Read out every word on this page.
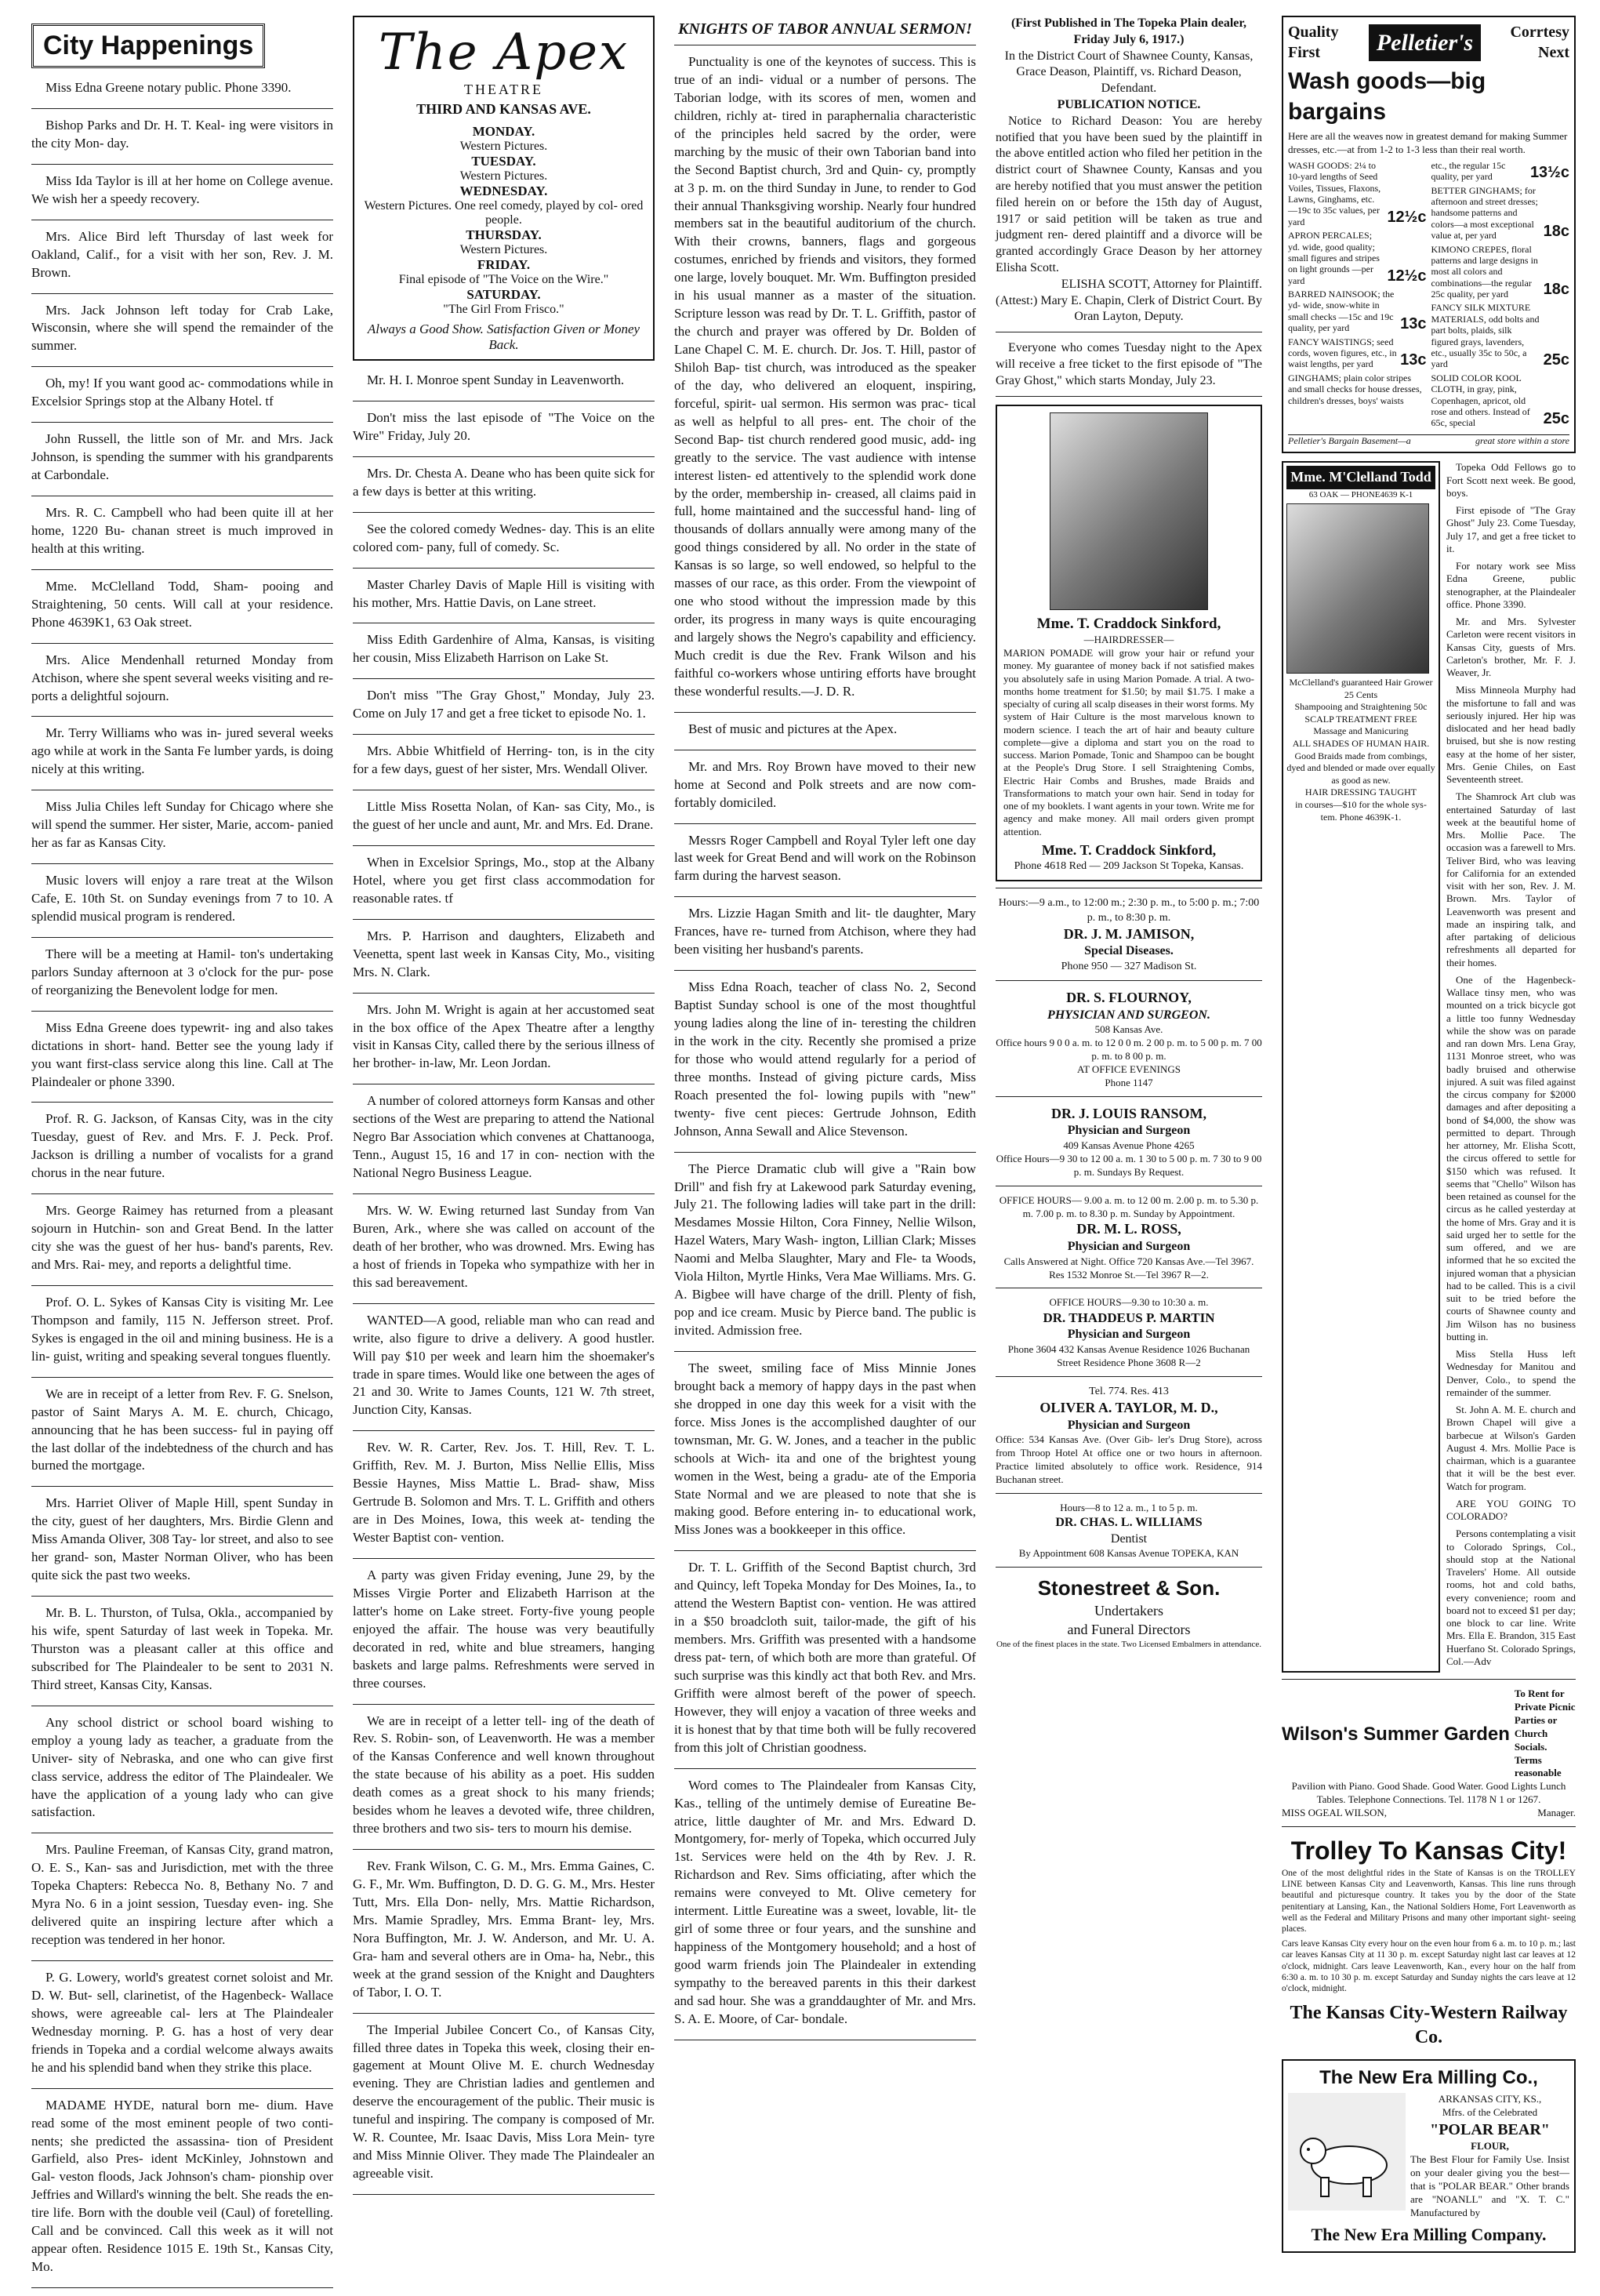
City Happenings

Miss Edna Greene notary public. Phone 3390.

Bishop Parks and Dr. H. T. Keal- ing were visitors in the city Mon- day.

Miss Ida Taylor is ill at her home on College avenue. We wish her a speedy recovery.

Mrs. Alice Bird left Thursday of last week for Oakland, Calif., for a visit with her son, Rev. J. M. Brown.

Mrs. Jack Johnson left today for Crab Lake, Wisconsin, where she will spend the remainder of the summer.

Oh, my! If you want good ac- commodations while in Excelsior Springs stop at the Albany Hotel. tf

John Russell, the little son of Mr. and Mrs. Jack Johnson, is spending the summer with his grandparents at Carbondale.

Mrs. R. C. Campbell who had been quite ill at her home, 1220 Bu- chanan street is much improved in health at this writing.

Mme. McClelland Todd, Sham- pooing and Straightening, 50 cents. Will call at your residence. Phone 4639K1, 63 Oak street.

Mrs. Alice Mendenhall returned Monday from Atchison, where she spent several weeks visiting and re- ports a delightful sojourn.

Mr. Terry Williams who was in- jured several weeks ago while at work in the Santa Fe lumber yards, is doing nicely at this writing.

Miss Julia Chiles left Sunday for Chicago where she will spend the summer. Her sister, Marie, accom- panied her as far as Kansas City.

Music lovers will enjoy a rare treat at the Wilson Cafe, E. 10th St. on Sunday evenings from 7 to 10. A splendid musical program is rendered.

There will be a meeting at Hamil- ton's undertaking parlors Sunday afternoon at 3 o'clock for the pur- pose of reorganizing the Benevolent lodge for men.

Miss Edna Greene does typewrit- ing and also takes dictations in short- hand. Better see the young lady if you want first-class service along this line. Call at The Plaindealer or phone 3390.

Prof. R. G. Jackson, of Kansas City, was in the city Tuesday, guest of Rev. and Mrs. F. J. Peck. Prof. Jackson is drilling a number of vocalists for a grand chorus in the near future.

Mrs. George Raimey has returned from a pleasant sojourn in Hutchin- son and Great Bend. In the latter city she was the guest of her hus- band's parents, Rev. and Mrs. Rai- mey, and reports a delightful time.

Prof. O. L. Sykes of Kansas City is visiting Mr. Lee Thompson and family, 115 N. Jefferson street. Prof. Sykes is engaged in the oil and mining business. He is a lin- guist, writing and speaking several tongues fluently.

We are in receipt of a letter from Rev. F. G. Snelson, pastor of Saint Marys A. M. E. church, Chicago, announcing that he has been success- ful in paying off the last dollar of the indebtedness of the church and has burned the mortgage.

Mrs. Harriet Oliver of Maple Hill, spent Sunday in the city, guest of her daughters, Mrs. Birdie Glenn and Miss Amanda Oliver, 308 Tay- lor street, and also to see her grand- son, Master Norman Oliver, who has been quite sick the past two weeks.

Mr. B. L. Thurston, of Tulsa, Okla., accompanied by his wife, spent Saturday of last week in Topeka. Mr. Thurston was a pleasant caller at this office and subscribed for The Plaindealer to be sent to 2031 N. Third street, Kansas City, Kansas.

Any school district or school board wishing to employ a young lady as teacher, a graduate from the Univer- sity of Nebraska, and one who can give first class service, address the editor of The Plaindealer. We have the application of a young lady who can give satisfaction.

Mrs. Pauline Freeman, of Kansas City, grand matron, O. E. S., Kan- sas and Jurisdiction, met with the three Topeka Chapters: Rebecca No. 8, Bethany No. 7 and Myra No. 6 in a joint session, Tuesday even- ing. She delivered quite an inspiring lecture after which a reception was tendered in her honor.

P. G. Lowery, world's greatest cornet soloist and Mr. D. W. But- sell, clarinetist, of the Hagenbeck- Wallace shows, were agreeable cal- lers at The Plaindealer Wednesday morning. P. G. has a host of very dear friends in Topeka and a cordial welcome always awaits he and his splendid band when they strike this place.

MADAME HYDE, natural born me- dium. Have read some of the most eminent people of two conti- nents; she predicted the assassina- tion of President Garfield, also Pres- ident McKinley, Johnstown and Gal- veston floods, Jack Johnson's cham- pionship over Jeffries and Willard's winning the belt. She reads the en- tire life. Born with the double veil (Caul) of foretelling. Call and be convinced. Call this week as it will not appear often. Residence 1015 E. 19th St., Kansas City, Mo.

The Apex
THEATRE
THIRD AND KANSAS AVE.
MONDAY.
Western Pictures.
TUESDAY.
Western Pictures.
WEDNESDAY.
Western Pictures. One reel comedy, played by col- ored people.
THURSDAY.
Western Pictures.
FRIDAY.
Final episode of "The Voice on the Wire."
SATURDAY.
"The Girl From Frisco."
Always a Good Show. Satisfaction Given or Money Back.

Mr. H. I. Monroe spent Sunday in Leavenworth.

Don't miss the last episode of "The Voice on the Wire" Friday, July 20.

Mrs. Dr. Chesta A. Deane who has been quite sick for a few days is better at this writing.

See the colored comedy Wednes- day. This is an elite colored com- pany, full of comedy. Sc.

Master Charley Davis of Maple Hill is visiting with his mother, Mrs. Hattie Davis, on Lane street.

Miss Edith Gardenhire of Alma, Kansas, is visiting her cousin, Miss Elizabeth Harrison on Lake St.

Don't miss "The Gray Ghost," Monday, July 23. Come on July 17 and get a free ticket to episode No. 1.

Mrs. Abbie Whitfield of Herring- ton, is in the city for a few days, guest of her sister, Mrs. Wendall Oliver.

Little Miss Rosetta Nolan, of Kan- sas City, Mo., is the guest of her uncle and aunt, Mr. and Mrs. Ed. Drane.

When in Excelsior Springs, Mo., stop at the Albany Hotel, where you get first class accommodation for reasonable rates. tf

Mrs. P. Harrison and daughters, Elizabeth and Veenetta, spent last week in Kansas City, Mo., visiting Mrs. N. Clark.

Mrs. John M. Wright is again at her accustomed seat in the box office of the Apex Theatre after a lengthy visit in Kansas City, called there by the serious illness of her brother- in-law, Mr. Leon Jordan.

A number of colored attorneys form Kansas and other sections of the West are preparing to attend the National Negro Bar Association which convenes at Chattanooga, Tenn., August 15, 16 and 17 in con- nection with the National Negro Business League.

Mrs. W. W. Ewing returned last Sunday from Van Buren, Ark., where she was called on account of the death of her brother, who was drowned. Mrs. Ewing has a host of friends in Topeka who sympathize with her in this sad bereavement.

WANTED—A good, reliable man who can read and write, also figure to drive a delivery. A good hustler. Will pay $10 per week and learn him the shoemaker's trade in spare times. Would like one between the ages of 21 and 30. Write to James Counts, 121 W. 7th street, Junction City, Kansas.

Rev. W. R. Carter, Rev. Jos. T. Hill, Rev. T. L. Griffith, Rev. M. J. Burton, Miss Nellie Ellis, Miss Bessie Haynes, Miss Mattie L. Brad- shaw, Miss Gertrude B. Solomon and Mrs. T. L. Griffith and others are in Des Moines, Iowa, this week at- tending the Wester Baptist con- vention.

A party was given Friday evening, June 29, by the Misses Virgie Porter and Elizabeth Harrison at the latter's home on Lake street. Forty-five young people enjoyed the affair. The house was very beautifully decorated in red, white and blue streamers, hanging baskets and large palms. Refreshments were served in three courses.

We are in receipt of a letter tell- ing of the death of Rev. S. Robin- son, of Leavenworth. He was a member of the Kansas Conference and well known throughout the state because of his ability as a poet. His sudden death comes as a great shock to his many friends; besides whom he leaves a devoted wife, three children, three brothers and two sis- ters to mourn his demise.

Rev. Frank Wilson, C. G. M., Mrs. Emma Gaines, C. G. F., Mr. Wm. Buffington, D. D. G. G. M., Mrs. Hester Tutt, Mrs. Ella Don- nelly, Mrs. Mattie Richardson, Mrs. Mamie Spradley, Mrs. Emma Brant- ley, Mrs. Nora Buffington, Mr. J. W. Anderson, and Mr. U. A. Gra- ham and several others are in Oma- ha, Nebr., this week at the grand session of the Knight and Daughters of Tabor, I. O. T.

The Imperial Jubilee Concert Co., of Kansas City, filled three dates in Topeka this week, closing their en- gagement at Mount Olive M. E. church Wednesday evening. They are Christian ladies and gentlemen and deserve the encouragement of the public. Their music is tuneful and inspiring. The company is composed of Mr. W. R. Countee, Mr. Isaac Davis, Miss Lora Mein- tyre and Miss Minnie Oliver. They made The Plaindealer an agreeable visit.

KNIGHTS OF TABOR ANNUAL SERMON!

Punctuality is one of the keynotes of success. This is true of an indi- vidual or a number of persons. The Taborian lodge, with its scores of men, women and children, richly at- tired in paraphernalia characteristic of the principles held sacred by the order, were marching by the music of their own Taborian band into the Second Baptist church, 3rd and Quin- cy, promptly at 3 p. m. on the third Sunday in June, to render to God their annual Thanksgiving worship. Nearly four hundred members sat in the beautiful auditorium of the church. With their crowns, banners, flags and gorgeous costumes, enriched by friends and visitors, they formed one large, lovely bouquet. Mr. Wm. Buffington presided in his usual manner as a master of the situation. Scripture lesson was read by Dr. T. L. Griffith, pastor of the church and prayer was offered by Dr. Bolden of Lane Chapel C. M. E. church. Dr. Jos. T. Hill, pastor of Shiloh Bap- tist church, was introduced as the speaker of the day, who delivered an eloquent, inspiring, forceful, spirit- ual sermon. His sermon was prac- tical as well as helpful to all pres- ent. The choir of the Second Bap- tist church rendered good music, add- ing greatly to the service. The vast audience with intense interest listen- ed attentively to the splendid work done by the order, membership in- creased, all claims paid in full, home maintained and the successful hand- ling of thousands of dollars annually were among many of the good things considered by all. No order in the state of Kansas is so large, so well endowed, so helpful to the masses of our race, as this order. From the viewpoint of one who stood without the impression made by this order, its progress in many ways is quite encouraging and largely shows the Negro's capability and efficiency. Much credit is due the Rev. Frank Wilson and his faithful co-workers whose untiring efforts have brought these wonderful results.—J. D. R.

Best of music and pictures at the Apex.

Mr. and Mrs. Roy Brown have moved to their new home at Second and Polk streets and are now com- fortably domiciled.

Messrs Roger Campbell and Royal Tyler left one day last week for Great Bend and will work on the Robinson farm during the harvest season.

Mrs. Lizzie Hagan Smith and lit- tle daughter, Mary Frances, have re- turned from Atchison, where they had been visiting her husband's parents.

Miss Edna Roach, teacher of class No. 2, Second Baptist Sunday school is one of the most thoughtful young ladies along the line of in- teresting the children in the work in the city. Recently she promised a prize for those who would attend regularly for a period of three months. Instead of giving picture cards, Miss Roach presented the fol- lowing pupils with "new" twenty- five cent pieces: Gertrude Johnson, Edith Johnson, Anna Sewall and Alice Stevenson.

The Pierce Dramatic club will give a "Rain bow Drill" and fish fry at Lakewood park Saturday evening, July 21. The following ladies will take part in the drill: Mesdames Mossie Hilton, Cora Finney, Nellie Wilson, Hazel Waters, Mary Wash- ington, Lillian Clark; Misses Naomi and Melba Slaughter, Mary and Fle- ta Woods, Viola Hilton, Myrtle Hinks, Vera Mae Williams. Mrs. G. A. Bigbee will have charge of the drill. Plenty of fish, pop and ice cream. Music by Pierce band. The public is invited. Admission free.

The sweet, smiling face of Miss Minnie Jones brought back a memory of happy days in the past when she dropped in one day this week for a visit with the force. Miss Jones is the accomplished daughter of our townsman, Mr. G. W. Jones, and a teacher in the public schools at Wich- ita and one of the brightest young women in the West, being a gradu- ate of the Emporia State Normal and we are pleased to note that she is making good. Before entering in- to educational work, Miss Jones was a bookkeeper in this office.

Dr. T. L. Griffith of the Second Baptist church, 3rd and Quincy, left Topeka Monday for Des Moines, Ia., to attend the Western Baptist con- vention. He was attired in a $50 broadcloth suit, tailor-made, the gift of his members. Mrs. Griffith was presented with a handsome dress pat- tern, of which both are more than grateful. Of such surprise was this kindly act that both Rev. and Mrs. Griffith were almost bereft of the power of speech. However, they will enjoy a vacation of three weeks and it is honest that by that time both will be fully recovered from this jolt of Christian goodness.

Word comes to The Plaindealer from Kansas City, Kas., telling of the untimely demise of Eureatine Be- atrice, little daughter of Mr. and Mrs. Edward D. Montgomery, for- merly of Topeka, which occurred July 1st. Services were held on the 4th by Rev. J. R. Richardson and Rev. Sims officiating, after which the remains were conveyed to Mt. Olive cemetery for interment. Little Eureatine was a sweet, lovable, lit- tle girl of some three or four years, and the sunshine and happiness of the Montgomery household; and a host of good warm friends join The Plaindealer in extending sympathy to the bereaved parents in this their darkest and sad hour. She was a granddaughter of Mr. and Mrs. S. A. E. Moore, of Car- bondale.

(First Published in The Topeka Plain dealer, Friday July 6, 1917.)
In the District Court of Shawnee County, Kansas,
Grace Deason, Plaintiff, vs. Richard Deason, Defendant.
PUBLICATION NOTICE.
Notice to Richard Deason: You are hereby notified that you have been sued by the plaintiff in the above entitled action who filed her petition in the district court of Shawnee County, Kansas and you are hereby notified that you must answer the petition filed herein on or before the 15th day of August, 1917 or said petition will be taken as true and judgment ren- dered plaintiff and a divorce will be granted accordingly Grace Deason by her attorney Elisha Scott.
ELISHA SCOTT, Attorney for Plaintiff.
(Attest:) Mary E. Chapin, Clerk of District Court. By Oran Layton, Deputy.
Everyone who comes Tuesday night to the Apex will receive a free ticket to the first episode of "The Gray Ghost," which starts Monday, July 23.
Mme. T. Craddock Sinkford,
—HAIRDRESSER—
MARION POMADE will grow your hair or refund your money. My guarantee of money back if not satisfied makes you absolutely safe in using Marion Pomade. A trial. A two-months home treatment for $1.50; by mail $1.75. I make a specialty of curing all scalp diseases in their worst forms. My system of Hair Culture is the most marvelous known to modern science. I teach the art of hair and beauty culture complete—give a diploma and start you on the road to success. Marion Pomade, Tonic and Shampoo can be bought at the People's Drug Store. I sell Straightening Combs, Electric Hair Combs and Brushes, made Braids and Transformations to match your own hair. Send in today for one of my booklets. I want agents in your town. Write me for agency and make money. All mail orders given prompt attention.
Mme. T. Craddock Sinkford,
Phone 4618 Red — 209 Jackson St Topeka, Kansas.
Hours:—9 a.m., to 12:00 m.; 2:30 p. m., to 5:00 p. m.; 7:00 p. m., to 8:30 p. m.
DR. J. M. JAMISON,
Special Diseases.
Phone 950 — 327 Madison St.
DR. S. FLOURNOY,
PHYSICIAN AND SURGEON.
508 Kansas Ave.
Office hours 9 0 0 a. m. to 12 0 0 m. 2 00 p. m. to 5 00 p. m. 7 00 p. m. to 8 00 p. m.
AT OFFICE EVENINGS
Phone 1147
DR. J. LOUIS RANSOM,
Physician and Surgeon
409 Kansas Avenue Phone 4265
Office Hours—9 30 to 12 00 a. m. 1 30 to 5 00 p. m. 7 30 to 9 00 p. m. Sundays By Request.
OFFICE HOURS— 9.00 a. m. to 12 00 m. 2.00 p. m. to 5.30 p. m. 7.00 p. m. to 8.30 p. m. Sunday by Appointment.
DR. M. L. ROSS,
Physician and Surgeon
Calls Answered at Night. Office 720 Kansas Ave.—Tel 3967. Res 1532 Monroe St.—Tel 3967 R—2.
OFFICE HOURS—9.30 to 10:30 a. m.
DR. THADDEUS P. MARTIN
Physician and Surgeon
Phone 3604 432 Kansas Avenue Residence 1026 Buchanan Street Residence Phone 3608 R—2
Tel. 774. Res. 413
OLIVER A. TAYLOR, M. D.,
Physician and Surgeon
Office: 534 Kansas Ave. (Over Gib- ler's Drug Store), across from Throop Hotel At office one or two hours in afternoon. Practice limited absolutely to office work. Residence, 914 Buchanan street.
Hours—8 to 12 a. m., 1 to 5 p. m.
DR. CHAS. L. WILLIAMS
Dentist
By Appointment 608 Kansas Avenue TOPEKA, KAN
Stonestreet & Son.
Undertakers
and Funeral Directors
One of the finest places in the state. Two Licensed Embalmers in attendance.
Quality First	Pelletier's	Corrtesy Next
Wash goods—big bargains
Here are all the weaves now in greatest demand for making Summer dresses, etc.—at from 1-2 to 1-3 less than their real worth.
WASH GOODS: 2¼ to 10-yard lengths of Seed Voiles, Tissues, Flaxons, Lawns, Ginghams, etc. —19c to 35c values, per yard	12½c
APRON PERCALES; yd. wide, good quality; small figures and stripes on light grounds —per yard	12½c
BARRED NAINSOOK; the yd- wide, snow-white in small checks —15c and 19c quality, per yard	13c
FANCY WAISTINGS; seed cords, woven figures, etc., in waist lengths, per yard	13c
GINGHAMS; plain color stripes and small checks for house dresses, children's dresses, boys' waists
etc., the regular 15c quality, per yard	13½c
BETTER GINGHAMS; for afternoon and street dresses; handsome patterns and colors—a most exceptional value at, per yard	18c
KIMONO CREPES, floral patterns and large designs in most all colors and combinations—the regular 25c quality, per yard	18c
FANCY SILK MIXTURE MATERIALS, odd bolts and part bolts, plaids, silk figured grays, lavenders, etc., usually 35c to 50c, a yard	25c
SOLID COLOR KOOL CLOTH, in gray, pink, Copenhagen, apricot, old rose and others. Instead of 65c, special	25c
Pelletier's Bargain Basement—a	great store within a store
Mme. M'Clelland Todd
63 OAK — PHONE4639 K-1
McClelland's guaranteed Hair Grower 25 Cents
Shampooing and Straightening 50c
SCALP TREATMENT FREE
Massage and Manicuring
ALL SHADES OF HUMAN HAIR.
Good Braids made from combings, dyed and blended or made over equally as good as new.
HAIR DRESSING TAUGHT
in courses—$10 for the whole sys- tem. Phone 4639K-1.
Topeka Odd Fellows go to Fort Scott next week. Be good, boys.
First episode of "The Gray Ghost" July 23. Come Tuesday, July 17, and get a free ticket to it.
For notary work see Miss Edna Greene, public stenographer, at the Plaindealer office. Phone 3390.
Mr. and Mrs. Sylvester Carleton were recent visitors in Kansas City, guests of Mrs. Carleton's brother, Mr. F. J. Weaver, Jr.
Miss Minneola Murphy had the misfortune to fall and was seriously injured. Her hip was dislocated and her head badly bruised, but she is now resting easy at the home of her sister, Mrs. Genie Chiles, on East Seventeenth street.
The Shamrock Art club was entertained Saturday of last week at the beautiful home of Mrs. Mollie Pace. The occasion was a farewell to Mrs. Teliver Bird, who was leaving for California for an extended visit with her son, Rev. J. M. Brown. Mrs. Taylor of Leavenworth was present and made an inspiring talk, and after partaking of delicious refreshments all departed for their homes.
One of the Hagenbeck-Wallace tinsy men, who was mounted on a trick bicycle got a little too funny Wednesday while the show was on parade and ran down Mrs. Lena Gray, 1131 Monroe street, who was badly bruised and otherwise injured. A suit was filed against the circus company for $2000 damages and after depositing a bond of $4,000, the show was permitted to depart. Through her attorney, Mr. Elisha Scott, the circus offered to settle for $150 which was refused. It seems that "Chello" Wilson has been retained as counsel for the circus as he called yesterday at the home of Mrs. Gray and it is said urged her to settle for the sum offered, and we are informed that he so excited the injured woman that a physician had to be called. This is a civil suit to be tried before the courts of Shawnee county and Jim Wilson has no business butting in.
Miss Stella Huss left Wednesday for Manitou and Denver, Colo., to spend the remainder of the summer.
St. John A. M. E. church and Brown Chapel will give a barbecue at Wilson's Garden August 4. Mrs. Mollie Pace is chairman, which is a guarantee that it will be the best ever. Watch for program.
ARE YOU GOING TO COLORADO?
Persons contemplating a visit to Colorado Springs, Col., should stop at the National Travelers' Home. All outside rooms, hot and cold baths, every convenience; room and board not to exceed $1 per day; one block to car line. Write Mrs. Ella E. Brandon, 315 East Huerfano St. Colorado Springs, Col.—Adv
Wilson's Summer Garden
To Rent for Private Picnic Parties or Church Socials. Terms reasonable
Pavilion with Piano. Good Shade. Good Water. Good Lights Lunch Tables. Telephone Connections. Tel. 1178 N 1 or 1267.
MISS OGEAL WILSON,	Manager.
Trolley To Kansas City!
One of the most delightful rides in the State of Kansas is on the TROLLEY LINE between Kansas City and Leavenworth, Kansas. This line runs through beautiful and picturesque country. It takes you by the door of the State penitentiary at Lansing, Kan., the National Soldiers Home, Fort Leavenworth as well as the Federal and Military Prisons and many other important sight- seeing places.
Cars leave Kansas City every hour on the even hour from 6 a. m. to 10 p. m.; last car leaves Kansas City at 11 30 p. m. except Saturday night last car leaves at 12 o'clock, midnight. Cars leave Leavenworth, Kan., every hour on the half from 6:30 a. m. to 10 30 p. m. except Saturday and Sunday nights the cars leave at 12 o'clock, midnight.
The Kansas City-Western Railway Co.
The New Era Milling Co.,
ARKANSAS CITY, KS.,
Mfrs. of the Celebrated
"POLAR BEAR"
FLOUR,
The Best Flour for Family Use. Insist on your dealer giving you the best—that is "POLAR BEAR." Other brands are "NOANLL" and "X. T. C." Manufactured by
The New Era Milling Company.
